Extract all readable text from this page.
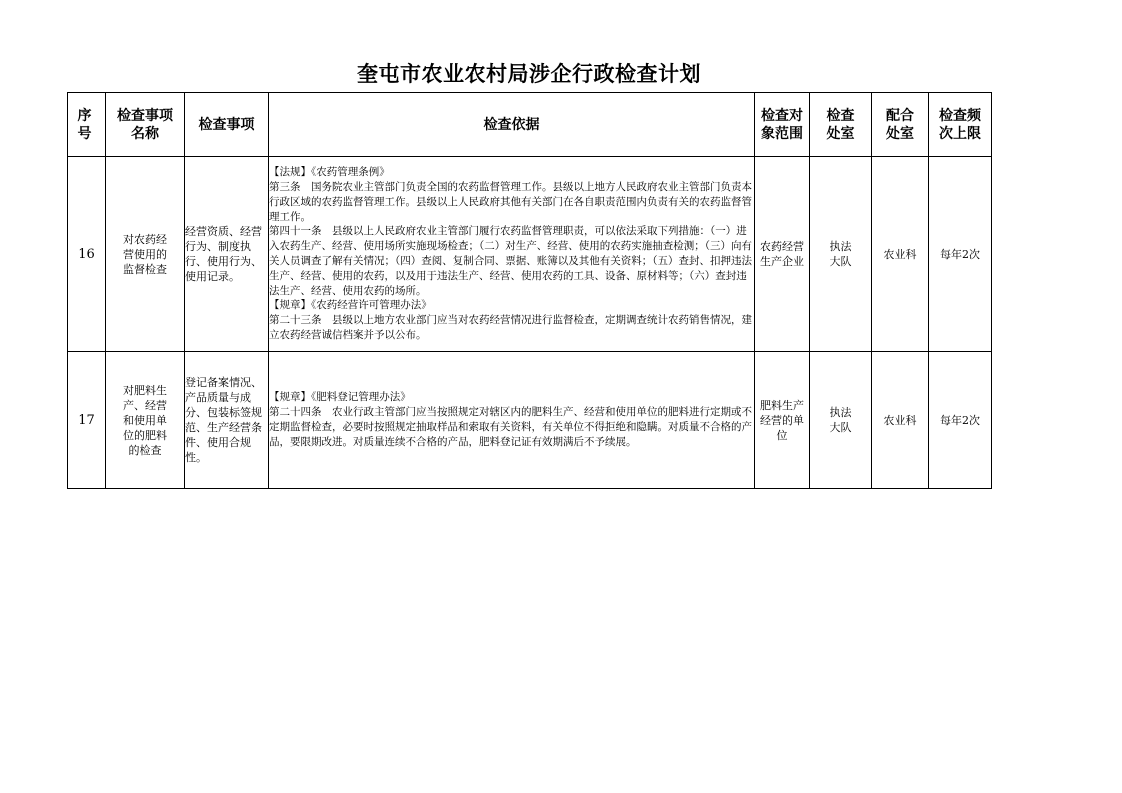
奎屯市农业农村局涉企行政检查计划
序号	检查事项名称	检查事项	检查依据	检查对象范围	检查处室	配合处室	检查频次上限

16	对农药经营使用的监督检查	经营资质、经营行为、制度执行、使用行为、使用记录。	【法规】《农药管理条例》
第三条　国务院农业主管部门负责全国的农药监督管理工作。县级以上地方人民政府农业主管部门负责本行政区域的农药监督管理工作。县级以上人民政府其他有关部门在各自职责范围内负责有关的农药监督管理工作。
第四十一条　县级以上人民政府农业主管部门履行农药监督管理职责，可以依法采取下列措施：（一）进入农药生产、经营、使用场所实施现场检查；（二）对生产、经营、使用的农药实施抽查检测；（三）向有关人员调查了解有关情况；（四）查阅、复制合同、票据、账簿以及其他有关资料；（五）查封、扣押违法生产、经营、使用的农药，以及用于违法生产、经营、使用农药的工具、设备、原材料等；（六）查封违法生产、经营、使用农药的场所。
【规章】《农药经营许可管理办法》
第二十三条　县级以上地方农业部门应当对农药经营情况进行监督检查，定期调查统计农药销售情况，建立农药经营诚信档案并予以公布。	农药经营生产企业	执法大队	农业科	每年2次
17	对肥料生产、经营和使用单位的肥料的检查	登记备案情况、产品质量与成分、包装标签规范、生产经营条件、使用合规性。	【规章】《肥料登记管理办法》
第二十四条　农业行政主管部门应当按照规定对辖区内的肥料生产、经营和使用单位的肥料进行定期或不定期监督检查，必要时按照规定抽取样品和索取有关资料，有关单位不得拒绝和隐瞒。对质量不合格的产品，要限期改进。对质量连续不合格的产品，肥料登记证有效期满后不予续展。	肥料生产经营的单位	执法大队	农业科	每年2次
